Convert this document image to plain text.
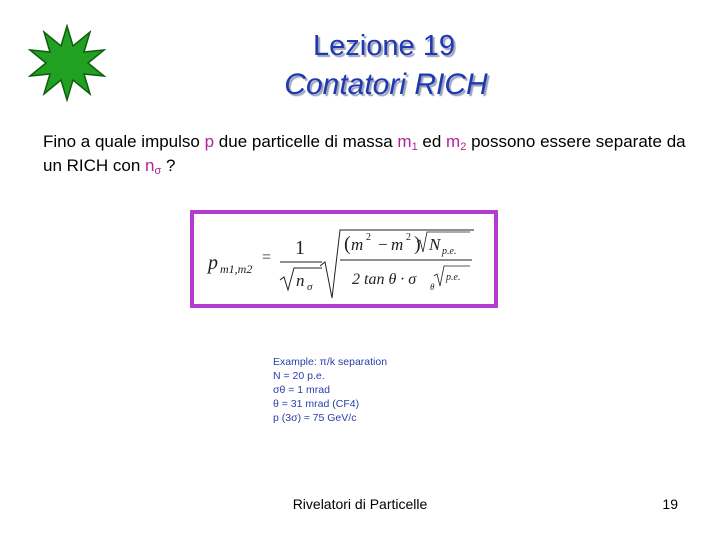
Lezione 19
Contatori RICH
Fino a quale impulso p due particelle di massa $m_1$ ed $m_2$ possono essere separate da un RICH con $n_\sigma$ ?
p m1,m2
= 1
n σ
( m 2 − m 2 ) N p.e.
2 tan θ · σ θ
p.e.
Example: π/k separation
N = 20 p.e.
σθ = 1 mrad
θ = 31 mrad (CF4)
p (3σ) ≈ 75 GeV/c
Rivelatori di Particelle	19
